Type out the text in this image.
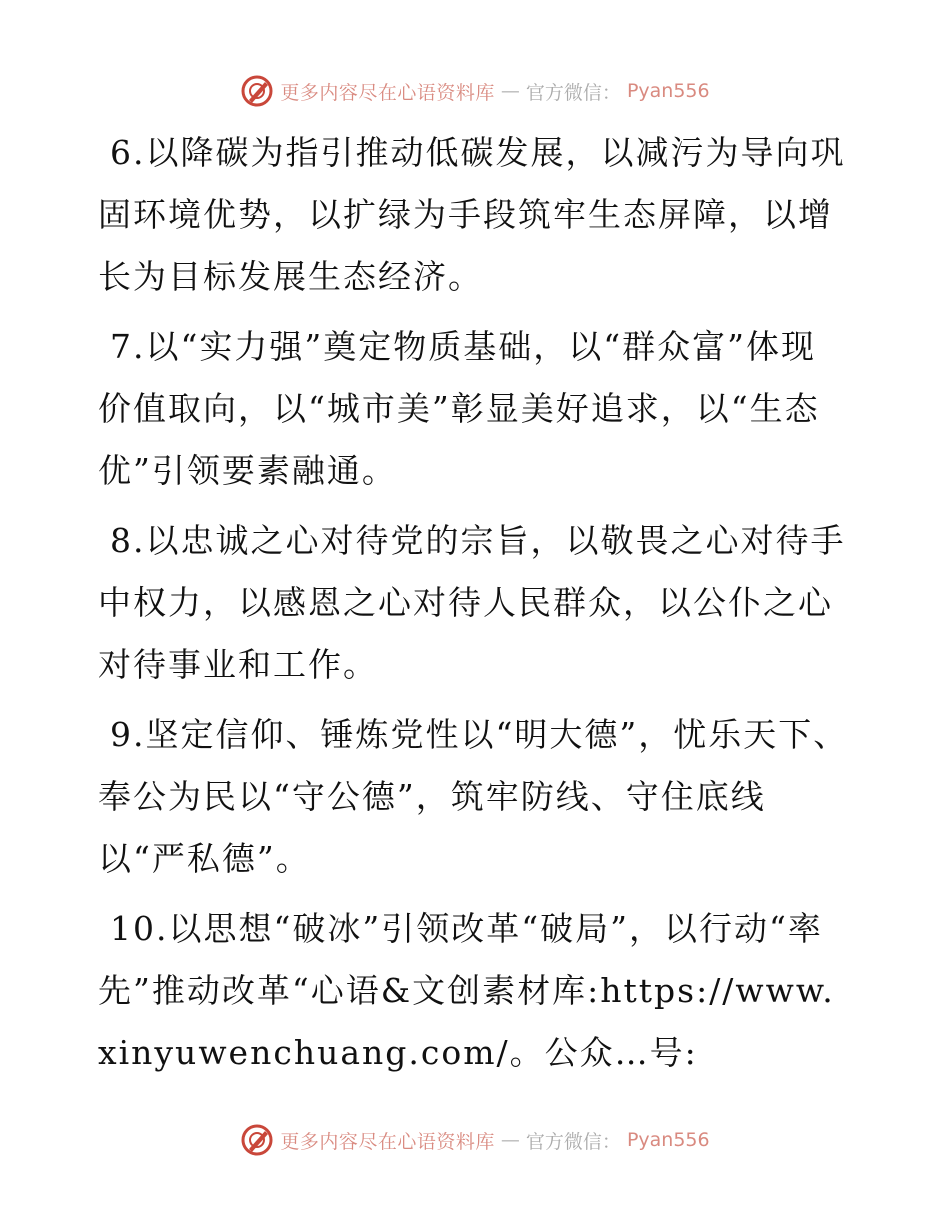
更多内容尽在心语资料库 — 官方微信： Pyan556

6.以降碳为指引推动低碳发展，以减污为导向巩固环境优势，以扩绿为手段筑牢生态屏障，以增长为目标发展生态经济。

7.以“实力强”奠定物质基础，以“群众富”体现价值取向，以“城市美”彰显美好追求，以“生态优”引领要素融通。

8.以忠诚之心对待党的宗旨，以敬畏之心对待手中权力，以感恩之心对待人民群众，以公仆之心对待事业和工作。

9.坚定信仰、锤炼党性以“明大德”，忧乐天下、奉公为民以“守公德”，筑牢防线、守住底线以“严私德”。

10.以思想“破冰”引领改革“破局”，以行动“率先”推动改革“心语&文创素材库:https://www.xinyuwenchuang.com/。公众…号:

更多内容尽在心语资料库 — 官方微信： Pyan556
